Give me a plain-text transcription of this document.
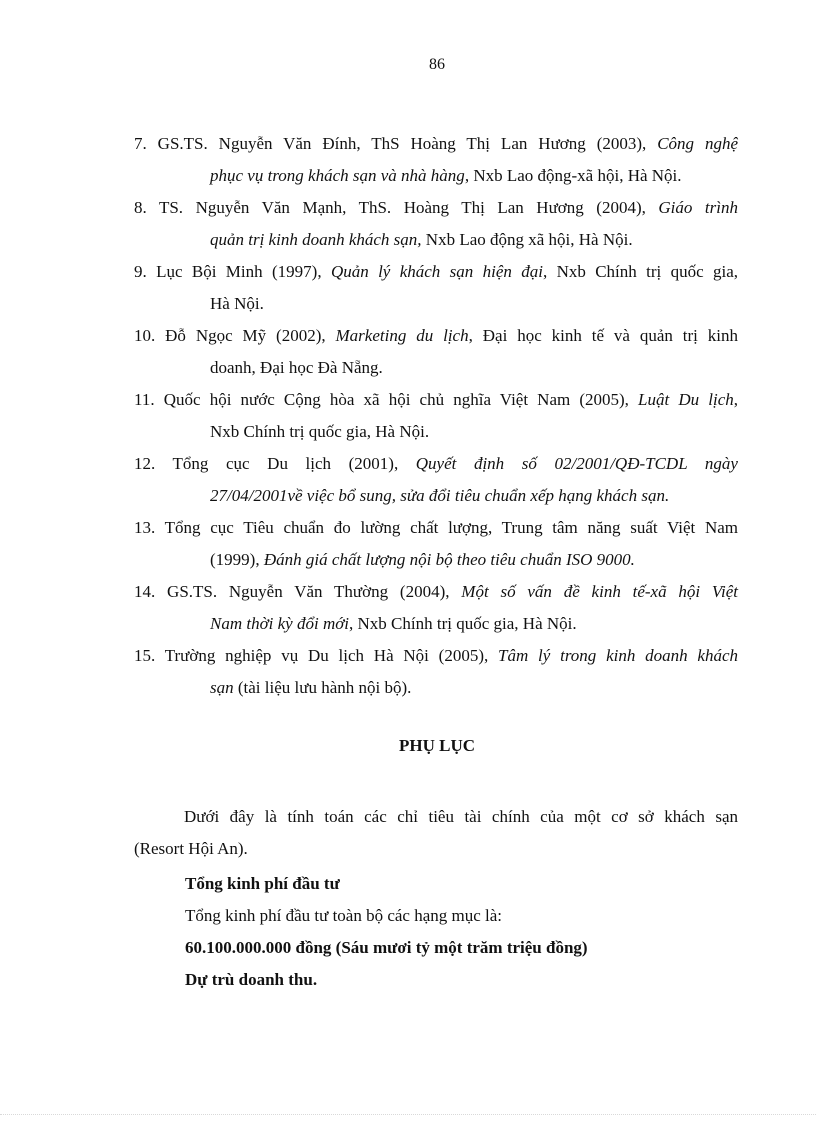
86
7. GS.TS. Nguyễn Văn Đính, ThS Hoàng Thị Lan Hương (2003), Công nghệ
phục vụ trong khách sạn và nhà hàng, Nxb Lao động-xã hội, Hà Nội.
8. TS. Nguyễn Văn Mạnh, ThS. Hoàng Thị Lan Hương (2004), Giáo trình
quản trị kinh doanh khách sạn, Nxb Lao động xã hội, Hà Nội.
9. Lục Bội Minh (1997), Quản lý khách sạn hiện đại, Nxb Chính trị quốc gia,
Hà Nội.
10. Đỗ Ngọc Mỹ (2002), Marketing du lịch, Đại học kinh tế và quản trị kinh
doanh, Đại học Đà Nẵng.
11. Quốc hội nước Cộng hòa xã hội chủ nghĩa Việt Nam (2005), Luật Du lịch,
Nxb Chính trị quốc gia, Hà Nội.
12. Tổng cục Du lịch (2001), Quyết định số 02/2001/QĐ-TCDL ngày
27/04/2001về việc bổ sung, sửa đổi tiêu chuẩn xếp hạng khách sạn.
13. Tổng cục Tiêu chuẩn đo lường chất lượng, Trung tâm năng suất Việt Nam
(1999), Đánh giá chất lượng nội bộ theo tiêu chuẩn ISO 9000.
14. GS.TS. Nguyễn Văn Thường (2004), Một số vấn đề kinh tế-xã hội Việt
Nam thời kỳ đổi mới, Nxb Chính trị quốc gia, Hà Nội.
15. Trường nghiệp vụ Du lịch Hà Nội (2005), Tâm lý trong kinh doanh khách
sạn (tài liệu lưu hành nội bộ).
PHỤ LỤC
Dưới đây là tính toán các chỉ tiêu tài chính của một cơ sở khách sạn
(Resort Hội An).
Tổng kinh phí đầu tư
Tổng kinh phí đầu tư toàn bộ các hạng mục là:
60.100.000.000 đồng (Sáu mươi tỷ một trăm triệu đồng)
Dự trù doanh thu.
